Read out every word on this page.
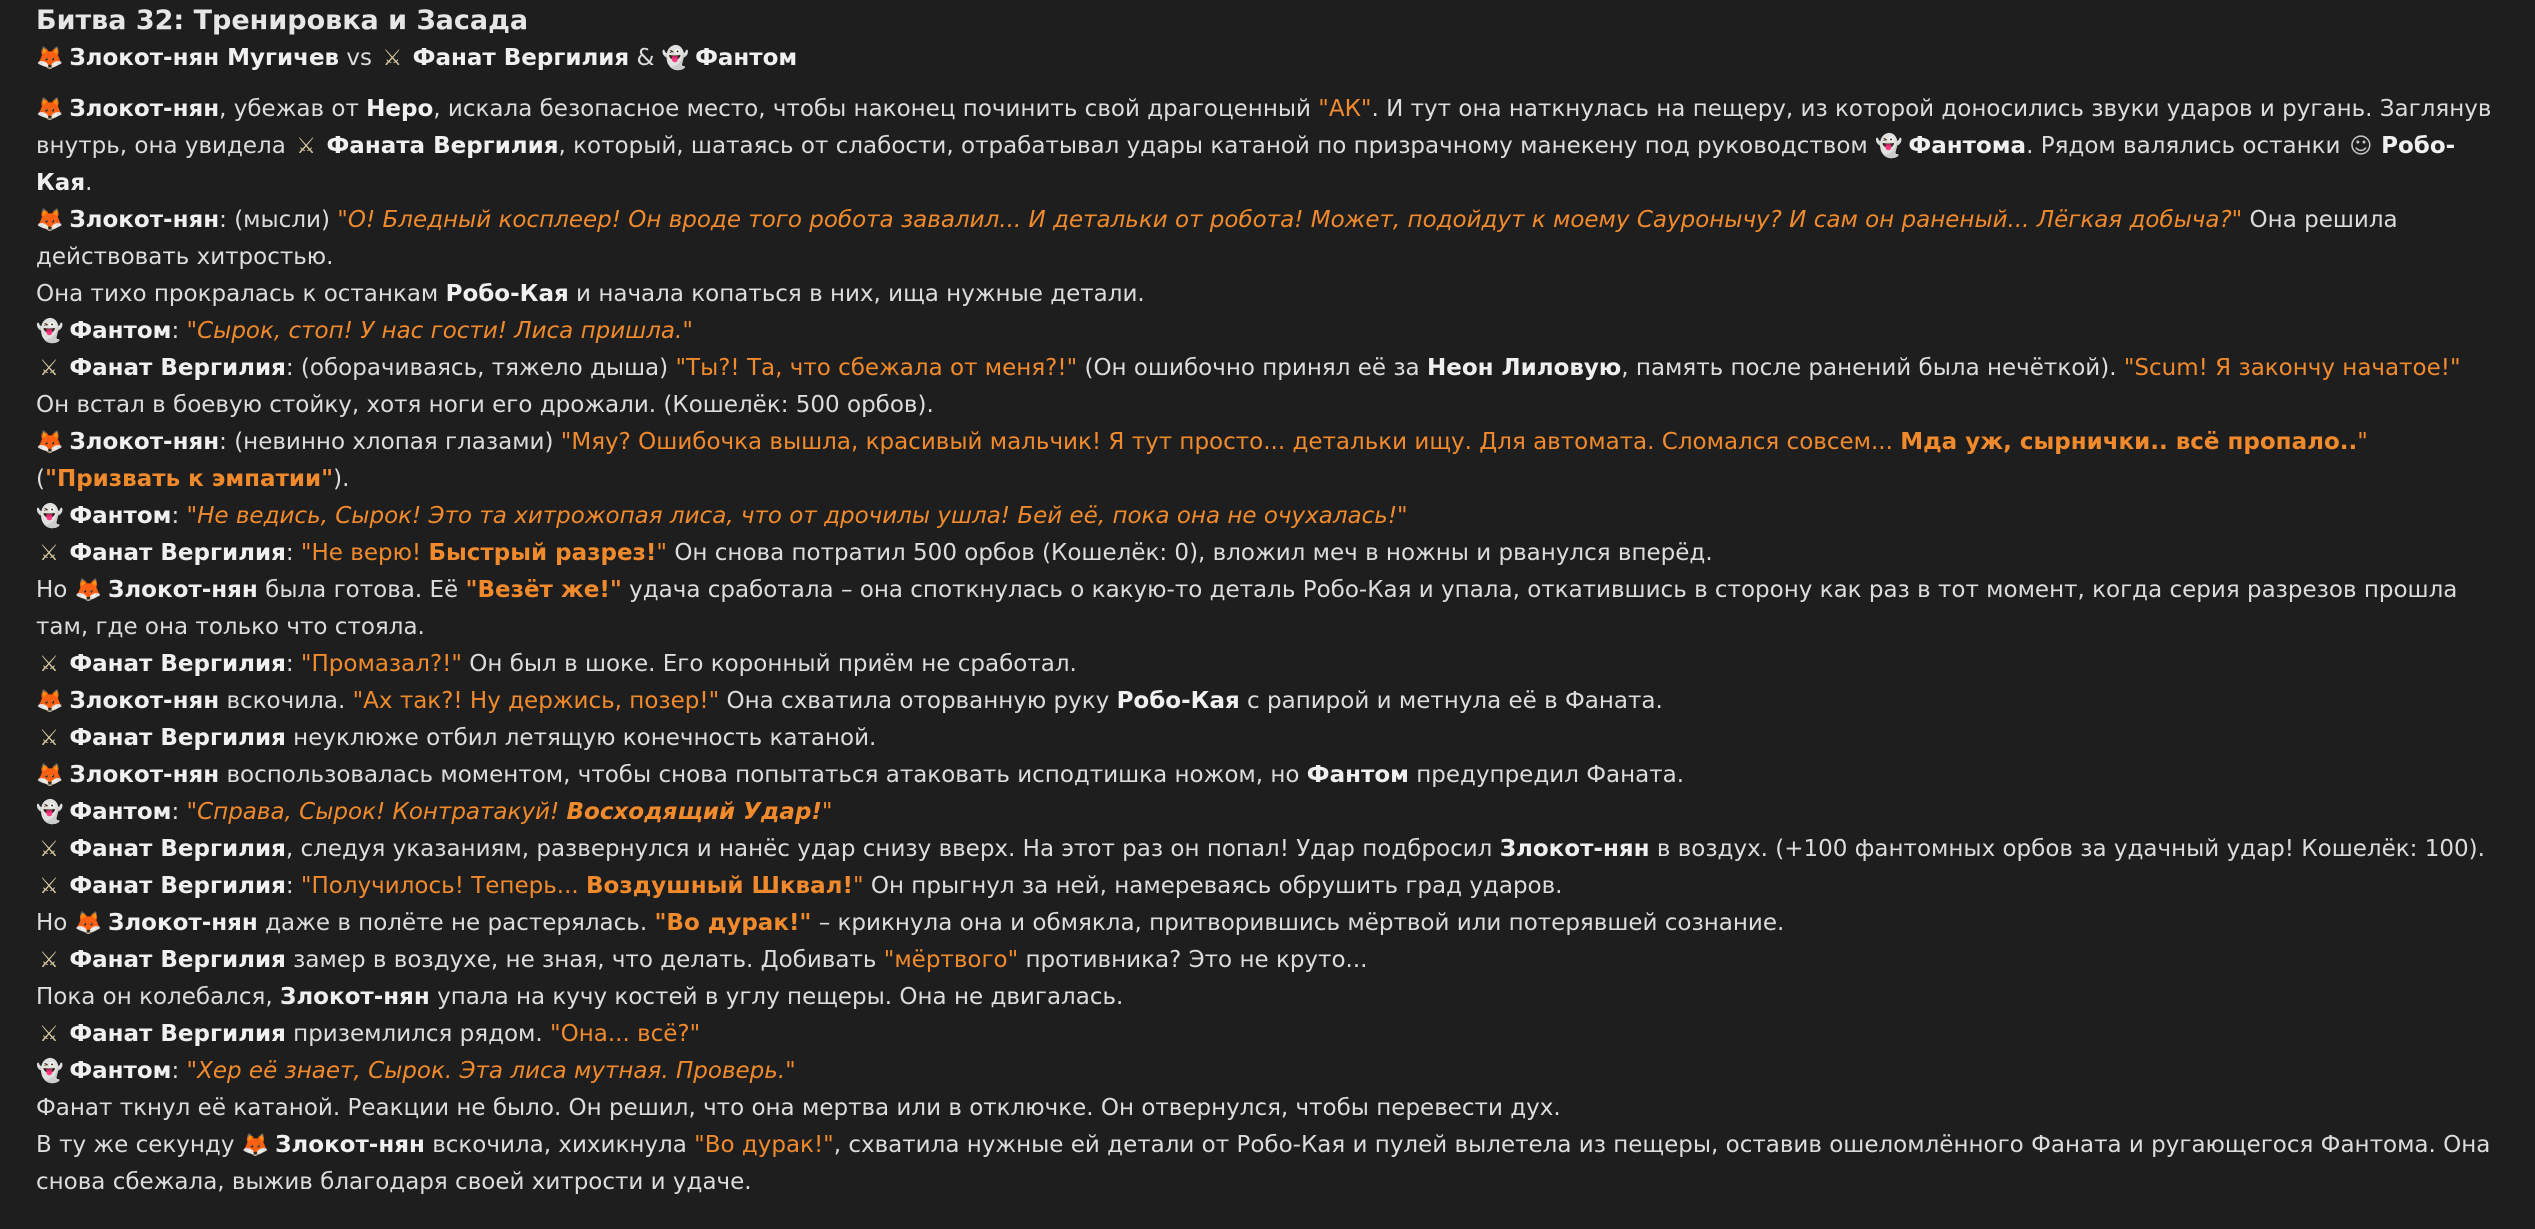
Битва 32: Тренировка и Засада

🦊 Злокот-нян Мугичев vs ⚔ Фанат Вергилия & 👻 Фантом

🦊 Злокот-нян, убежав от Неро, искала безопасное место, чтобы наконец починить свой драгоценный "АК". И тут она наткнулась на пещеру, из которой доносились звуки ударов и ругань. Заглянув внутрь, она увидела ⚔ Фаната Вергилия, который, шатаясь от слабости, отрабатывал удары катаной по призрачному манекену под руководством 👻 Фантома. Рядом валялись останки ☺ Робо-Кая.

🦊 Злокот-нян: (мысли) "О! Бледный косплеер! Он вроде того робота завалил... И детальки от робота! Может, подойдут к моему Сауронычу? И сам он раненый... Лёгкая добыча?" Она решила действовать хитростью.

Она тихо прокралась к останкам Робо-Кая и начала копаться в них, ища нужные детали.

👻 Фантом: "Сырок, стоп! У нас гости! Лиса пришла."

⚔ Фанат Вергилия: (оборачиваясь, тяжело дыша) "Ты?! Та, что сбежала от меня?!" (Он ошибочно принял её за Неон Лиловую, память после ранений была нечёткой). "Scum! Я закончу начатое!" Он встал в боевую стойку, хотя ноги его дрожали. (Кошелёк: 500 орбов).

🦊 Злокот-нян: (невинно хлопая глазами) "Мяу? Ошибочка вышла, красивый мальчик! Я тут просто... детальки ищу. Для автомата. Сломался совсем... Мда уж, сырнички.. всё пропало.." ("Призвать к эмпатии").

👻 Фантом: "Не ведись, Сырок! Это та хитрожопая лиса, что от дрочилы ушла! Бей её, пока она не очухалась!"

⚔ Фанат Вергилия: "Не верю! Быстрый разрез!" Он снова потратил 500 орбов (Кошелёк: 0), вложил меч в ножны и рванулся вперёд.

Но 🦊 Злокот-нян была готова. Её "Везёт же!" удача сработала – она споткнулась о какую-то деталь Робо-Кая и упала, откатившись в сторону как раз в тот момент, когда серия разрезов прошла там, где она только что стояла.

⚔ Фанат Вергилия: "Промазал?!" Он был в шоке. Его коронный приём не сработал.

🦊 Злокот-нян вскочила. "Ах так?! Ну держись, позер!" Она схватила оторванную руку Робо-Кая с рапирой и метнула её в Фаната.

⚔ Фанат Вергилия неуклюже отбил летящую конечность катаной.

🦊 Злокот-нян воспользовалась моментом, чтобы снова попытаться атаковать исподтишка ножом, но Фантом предупредил Фаната.

👻 Фантом: "Справа, Сырок! Контратакуй! Восходящий Удар!"

⚔ Фанат Вергилия, следуя указаниям, развернулся и нанёс удар снизу вверх. На этот раз он попал! Удар подбросил Злокот-нян в воздух. (+100 фантомных орбов за удачный удар! Кошелёк: 100).

⚔ Фанат Вергилия: "Получилось! Теперь... Воздушный Шквал!" Он прыгнул за ней, намереваясь обрушить град ударов.

Но 🦊 Злокот-нян даже в полёте не растерялась. "Во дурак!" – крикнула она и обмякла, притворившись мёртвой или потерявшей сознание.

⚔ Фанат Вергилия замер в воздухе, не зная, что делать. Добивать "мёртвого" противника? Это не круто...

Пока он колебался, Злокот-нян упала на кучу костей в углу пещеры. Она не двигалась.

⚔ Фанат Вергилия приземлился рядом. "Она... всё?"

👻 Фантом: "Хер её знает, Сырок. Эта лиса мутная. Проверь."

Фанат ткнул её катаной. Реакции не было. Он решил, что она мертва или в отключке. Он отвернулся, чтобы перевести дух.

В ту же секунду 🦊 Злокот-нян вскочила, хихикнула "Во дурак!", схватила нужные ей детали от Робо-Кая и пулей вылетела из пещеры, оставив ошеломлённого Фаната и ругающегося Фантома. Она снова сбежала, выжив благодаря своей хитрости и удаче.
